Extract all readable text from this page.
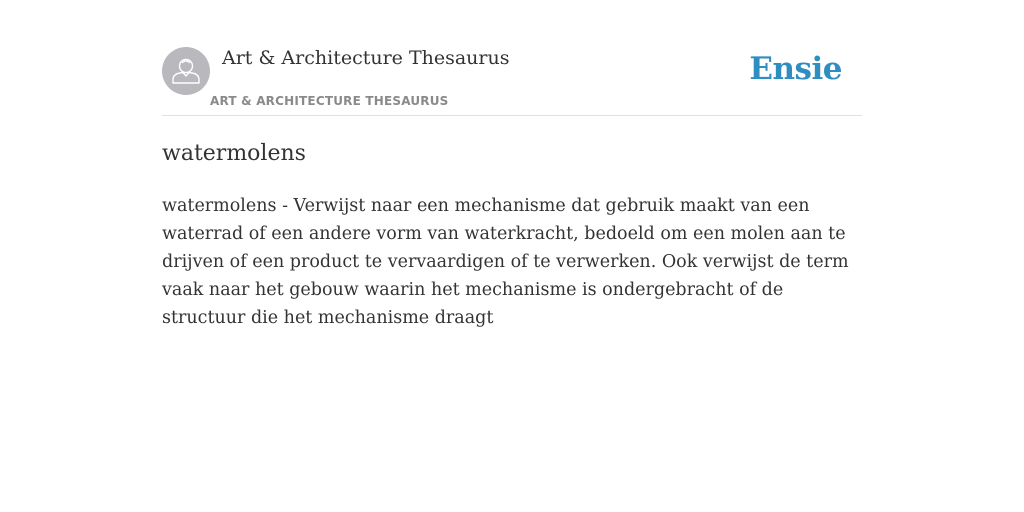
Art & Architecture Thesaurus
ART & ARCHITECTURE THESAURUS
Ensie
watermolens

watermolens - Verwijst naar een mechanisme dat gebruik maakt van een waterrad of een andere vorm van waterkracht, bedoeld om een molen aan te drijven of een product te vervaardigen of te verwerken. Ook verwijst de term vaak naar het gebouw waarin het mechanisme is ondergebracht of de structuur die het mechanisme draagt
